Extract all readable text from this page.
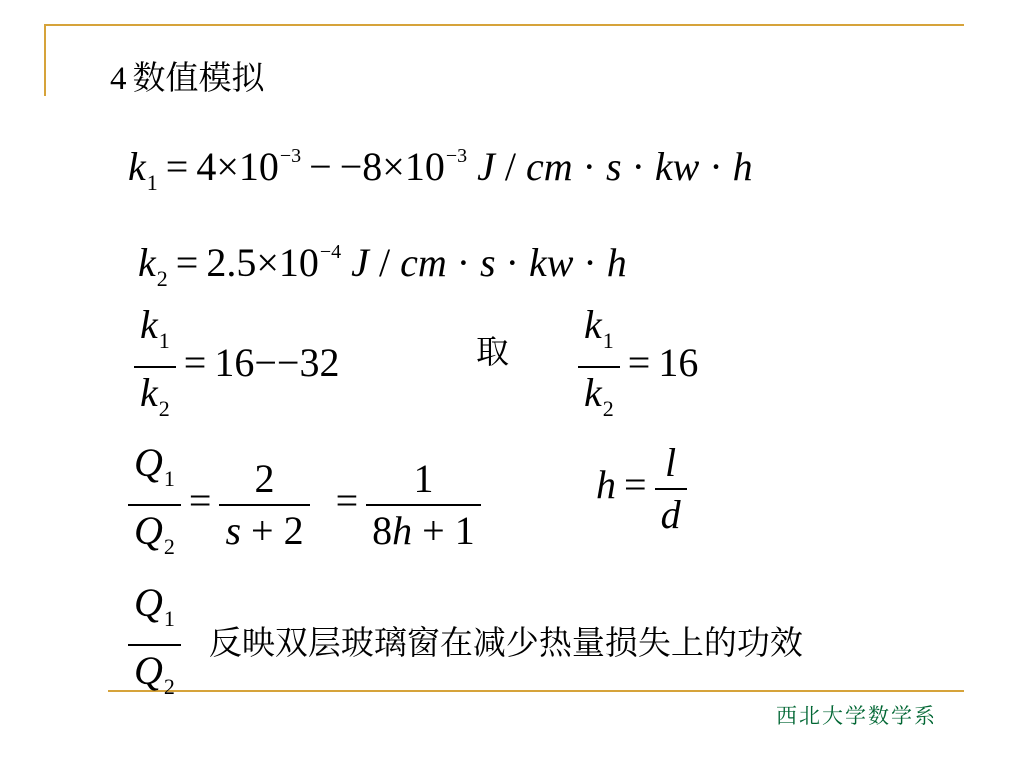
4 数值模拟
$k_1 = 4\times 10^{-3} - -8\times 10^{-3}$ J / cm · s · kw · h
$k_2 = 2.5\times 10^{-4}$ J / cm · s · kw · h
$\frac{k_1}{k_2} = 16--32$	取 $\frac{k_1}{k_2} = 16$
$\frac{Q_1}{Q_2} = \frac{2}{s + 2} = \frac{1}{8h + 1}$	$h = \frac{l}{d}$
$\frac{Q_1}{Q_2}$ 反映双层玻璃窗在减少热量损失上的功效
西北大学数学系
